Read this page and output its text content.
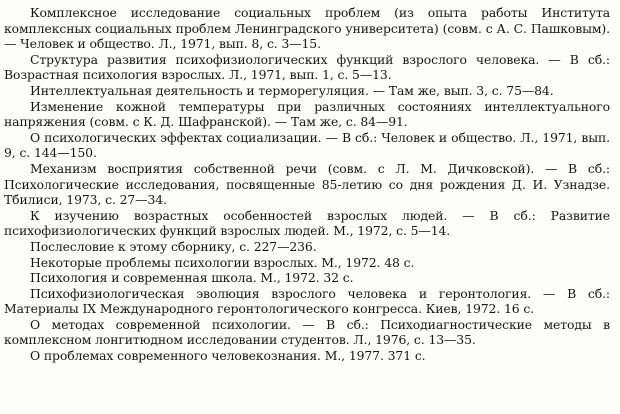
Комплексное исследование социальных проблем (из опыта работы Института комплексных социальных проблем Ленинградского университета) (совм. с А. С. Пашковым). — Человек и общество. Л., 1971, вып. 8, с. 3—15.

Структура развития психофизиологических функций взрослого человека. — В сб.: Возрастная психология взрослых. Л., 1971, вып. 1, с. 5—13.

Интеллектуальная деятельность и терморегуляция. — Там же, вып. 3, с. 75—84.

Изменение кожной температуры при различных состояниях интеллектуального напряжения (совм. с К. Д. Шафранской). — Там же, с. 84—91.

О психологических эффектах социализации. — В сб.: Человек и общество. Л., 1971, вып. 9, с. 144—150.

Механизм восприятия собственной речи (совм. с Л. М. Дичковской). — В сб.: Психологические исследования, посвященные 85-летию со дня рождения Д. И. Узнадзе. Тбилиси, 1973, с. 27—34.

К изучению возрастных особенностей взрослых людей. — В сб.: Развитие психофизиологических функций взрослых людей. М., 1972, с. 5—14.

Послесловие к этому сборнику, с. 227—236.

Некоторые проблемы психологии взрослых. М., 1972. 48 с.

Психология и современная школа. М., 1972. 32 с.

Психофизиологическая эволюция взрослого человека и геронтология. — В сб.: Материалы IX Международного геронтологического конгресса. Киев, 1972. 16 с.

О методах современной психологии. — В сб.: Психодиагностические методы в комплексном лонгитюдном исследовании студентов. Л., 1976, с. 13—35.

О проблемах современного человекознания. М., 1977. 371 с.
